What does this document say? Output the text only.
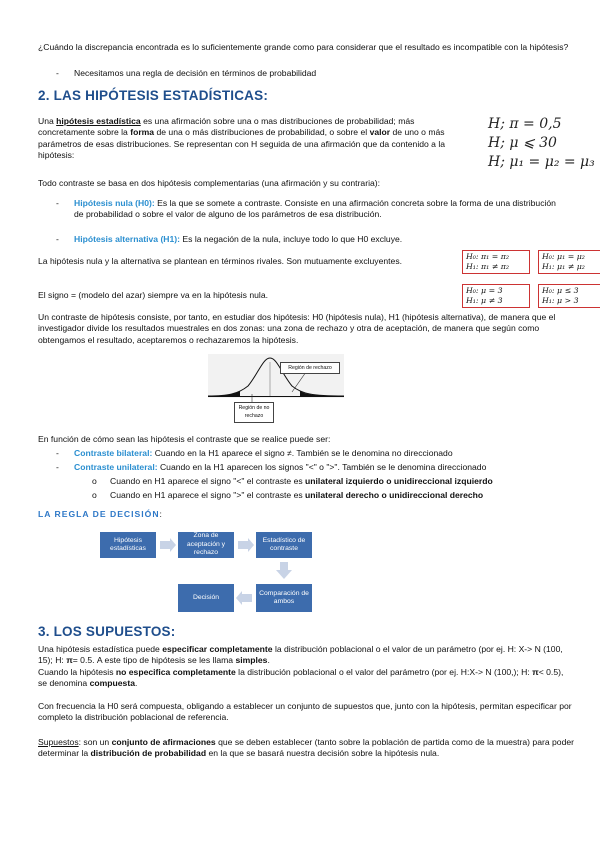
¿Cuándo la discrepancia encontrada es lo suficientemente grande como para considerar que el resultado es incompatible con la hipótesis?

- Necesitamos una regla de decisión en términos de probabilidad
2. LAS HIPÓTESIS ESTADÍSTICAS:

Una hipótesis estadística es una afirmación sobre una o mas distribuciones de probabilidad; más concretamente sobre la forma de una o más distribuciones de probabilidad, o sobre el valor de uno o más parámetros de esas distribuciones. Se representan con H seguida de una afirmación que da contenido a la hipótesis:

H; π = 0,5
H; μ ⩽ 30
H; μ₁ = μ₂ = μ₃

Todo contraste se basa en dos hipótesis complementarias (una afirmación y su contraria):

- Hipótesis nula (H0): Es la que se somete a contraste. Consiste en una afirmación concreta sobre la forma de una distribución de probabilidad o sobre el valor de alguno de los parámetros de esa distribución.

- Hipótesis alternativa (H1): Es la negación de la nula, incluye todo lo que H0 excluye.

La hipótesis nula y la alternativa se plantean en términos rivales. Son mutuamente excluyentes.

El signo = (modelo del azar) siempre va en la hipótesis nula.

H₀: π₁ = π₂
H₁: π₁ ≠ π₂
H₀: μ₁ = μ₂
H₁: μ₁ ≠ μ₂
H₀: μ = 3
H₁: μ ≠ 3
H₀: μ ≤ 3
H₁: μ > 3

Un contraste de hipótesis consiste, por tanto, en estudiar dos hipótesis: H0 (hipótesis nula), H1 (hipótesis alternativa), de manera que el investigador divide los resultados muestrales en dos zonas: una zona de rechazo y otra de aceptación, de manera que según como obtengamos el resultado, aceptaremos o rechazaremos la hipótesis.

Región de rechazo
Región de no
rechazo

En función de cómo sean las hipótesis el contraste que se realice puede ser:

- Contraste bilateral: Cuando en la H1 aparece el signo ≠. También se le denomina no direccionado

- Contraste unilateral: Cuando en la H1 aparecen los signos "<" o ">". También se le denomina direccionado

o Cuando en H1 aparece el signo "<" el contraste es unilateral izquierdo o unidireccional izquierdo

o Cuando en H1 aparece el signo ">" el contraste es unilateral derecho o unidireccional derecho

LA REGLA DE DECISIÓN:
Hipótesis estadísticas
Zona de aceptación y rechazo
Estadístico de contraste
Comparación de ambos
Decisión
3. LOS SUPUESTOS:

Una hipótesis estadística puede especificar completamente la distribución poblacional o el valor de un parámetro (por ej. H: X-> N (100, 15); H: π= 0.5. A este tipo de hipótesis se les llama simples.

Cuando la hipótesis no especifica completamente la distribución poblacional o el valor del parámetro (por ej. H:X-> N (100,); H: π< 0.5), se denomina compuesta.

Con frecuencia la H0 será compuesta, obligando a establecer un conjunto de supuestos que, junto con la hipótesis, permitan especificar por completo la distribución poblacional de referencia.

Supuestos: son un conjunto de afirmaciones que se deben establecer (tanto sobre la población de partida como de la muestra) para poder determinar la distribución de probabilidad en la que se basará nuestra decisión sobre la hipótesis nula.
